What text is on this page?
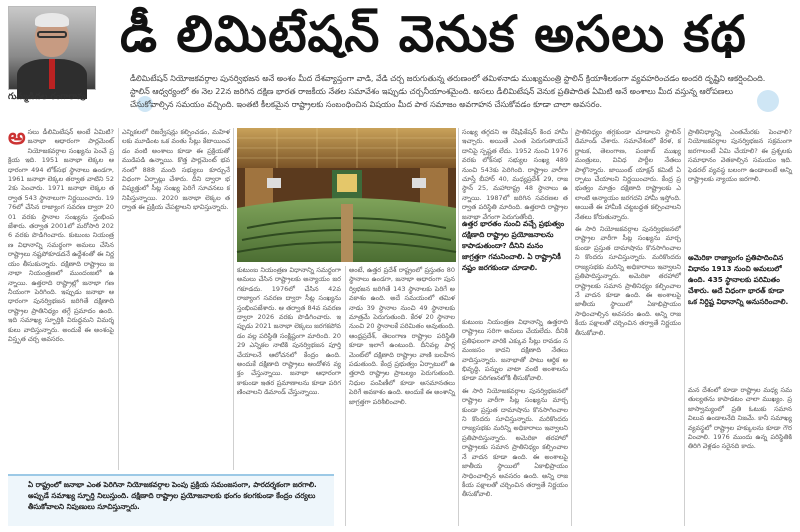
గుమ్మడిదల రంగారావు
డీ లిమిటేషన్ వెనుక అసలు కథ
డీలిమిటేషన్ నియోజకవర్గాల పునర్విభజన అనే అంశం మీద దేశవ్యాప్తంగా వాడి, వేడి చర్చ జరుగుతున్న తరుణంలో తమిళనాడు ముఖ్యమంత్రి స్టాలిన్ క్రియాశీలకంగా వ్యవహరించడం అందరి దృష్టిని ఆకర్షించింది. స్టాలిన్ ఆధ్వర్యంలో ఈ నెల 22న జరిగిన దక్షిణ భారత రాజకీయ నేతల సమావేశం ఇప్పుడు చర్చనీయాంశమైంది. అసలు డీలిమిటేషన్ వెనుక ప్రతిపాదిత ఏమిటి అనే అంశాలు మీద వస్తున్న ఆరోపణలు చేసుకోవాల్సిన సమయం వచ్చింది. ఇంతటి కీలకమైన రాష్ట్రాలకు సంబంధించిన విషయం మీద పాఠ సమాజం అవగాహన చేసుకోవడం కూడా చాలా అవసరం.
అ సలు డీలిమిటేషన్ అంటే ఏమిటి? జనాభా ఆధారంగా పార్లమెంట్ నియోజకవర్గాల సంఖ్యను పెంచే ప్రక్రియ ఇది. 1951 జనాభా లెక్కల ఆధారంగా 494 లోక్‌సభ స్థానాలు ఉండగా, 1961 జనాభా లెక్కల తర్వాత వాటిని 522కు పెంచారు. 1971 జనాభా లెక్కల తర్వాత 543 స్థానాలుగా నిర్ణయించారు. 1976లో చేసిన రాజ్యాంగ సవరణ ద్వారా 2001 వరకు స్థానాల సంఖ్యను స్తంభింపజేశారు. తర్వాత 2001లో మరోసారి 2026 వరకు పొడిగించారు. కుటుంబ నియంత్రణ విధానాన్ని సమర్థంగా అమలు చేసిన రాష్ట్రాలు నష్టపోకూడదనే ఉద్దేశంతో ఈ నిర్ణయం తీసుకున్నారు. దక్షిణాది రాష్ట్రాలు జనాభా నియంత్రణలో ముందంజలో ఉన్నాయి. ఉత్తరాది రాష్ట్రాల్లో జనాభా గణనీయంగా పెరిగింది. ఇప్పుడు జనాభా ఆధారంగా పునర్విభజన జరిగితే దక్షిణాది రాష్ట్రాల ప్రాతినిధ్యం తగ్గే ప్రమాదం ఉంది. ఇది సమాఖ్య స్ఫూర్తికి విరుద్ధమని విమర్శకులు వాదిస్తున్నారు. అందుకే ఈ అంశంపై విస్తృత చర్చ అవసరం.

ఎన్నికలలో రిజర్వేషన్లు కల్పించడం, మహిళలకు మూడింట ఒక వంతు సీట్లు కేటాయించడం వంటి అంశాలు కూడా ఈ ప్రక్రియతో ముడిపడి ఉన్నాయి. కొత్త పార్లమెంట్ భవనంలో 888 మంది సభ్యులు కూర్చునే విధంగా ఏర్పాట్లు చేశారు. దీని ద్వారా భవిష్యత్తులో సీట్ల సంఖ్య పెరిగే సూచనలు కనిపిస్తున్నాయి. 2020 జనాభా లెక్కల తర్వాత ఈ ప్రక్రియ చేపట్టాలని భావిస్తున్నారు.

కుటుంబ నియంత్రణ విధానాన్ని సమర్థంగా అమలు చేసిన రాష్ట్రాలకు అన్యాయం జరగకూడదు. 1976లో చేసిన 42వ రాజ్యాంగ సవరణ ద్వారా సీట్ల సంఖ్యను స్తంభింపజేశారు. ఆ తర్వాత 84వ సవరణ ద్వారా 2026 వరకు పొడిగించారు. ఇప్పుడు 2021 జనాభా లెక్కలు జరగకపోవడం వల్ల పరిస్థితి సంక్లిష్టంగా మారింది. 2029 ఎన్నికల నాటికి పునర్విభజన పూర్తి చేయాలనే ఆలోచనలో కేంద్రం ఉంది. అందుకే దక్షిణాది రాష్ట్రాలు ఆందోళన వ్యక్తం చేస్తున్నాయి. జనాభా ఆధారంగా కాకుండా ఇతర ప్రమాణాలను కూడా పరిగణించాలని డిమాండ్ చేస్తున్నాయి.

ఉత్తర భారతం నుంచి వచ్చే ప్రభుత్వం దక్షిణాది రాష్ట్రాల ప్రయోజనాలను కాపాడుతుందా? దీనిని మనం జాగ్రత్తగా గమనించాలి. ఏ రాష్ట్రానికీ నష్టం జరగకుండా చూడాలి.

అంటే, ఉత్తర ప్రదేశ్ రాష్ట్రంలో ప్రస్తుతం 80 స్థానాలు ఉండగా, జనాభా ఆధారంగా పునర్విభజన జరిగితే 143 స్థానాలకు పెరిగే అవకాశం ఉంది. అదే సమయంలో తమిళనాడు 39 స్థానాల నుంచి 49 స్థానాలకు మాత్రమే పెరుగుతుంది. కేరళ 20 స్థానాల నుంచి 20 స్థానాలకే పరిమితం అవుతుంది. ఆంధ్రప్రదేశ్, తెలంగాణ రాష్ట్రాల పరిస్థితి కూడా ఇలాగే ఉంటుంది. దీనివల్ల పార్లమెంట్‌లో దక్షిణాది రాష్ట్రాల వాణి బలహీనపడుతుంది. కేంద్ర ప్రభుత్వం ఏర్పాటులో ఉత్తరాది రాష్ట్రాల ప్రాబల్యం పెరుగుతుంది. నిధుల పంపిణీలో కూడా అసమానతలు పెరిగే అవకాశం ఉంది. అందుకే ఈ అంశాన్ని జాగ్రత్తగా పరిశీలించాలి.

సంఖ్య తగ్గదని ఆ రేషిఫికేషన్ కింద హామీ ఇచ్చారు. అయితే ఎంత పెరుగుతాయనే దానిపై స్పష్టత లేదు. 1952 నుంచి 1976 వరకు లోక్‌సభ సభ్యుల సంఖ్య 489 నుంచి 543కు పెరిగింది. రాష్ట్రాల వారీగా చూస్తే బీహార్ 40, మధ్యప్రదేశ్ 29, రాజస్థాన్ 25, మహారాష్ట్ర 48 స్థానాలు ఉన్నాయి. 1987లో జరిగిన సవరణల తర్వాత పరిస్థితి మారింది. ఉత్తరాది రాష్ట్రాల జనాభా వేగంగా పెరుగుతోంది.

కుటుంబ నియంత్రణ విధానాన్ని ఉత్తరాది రాష్ట్రాలు సరిగా అమలు చేయలేదు. దీనికి ప్రతిఫలంగా వారికి ఎక్కువ సీట్లు రావడం సమంజసం కాదని దక్షిణాది నేతలు వాదిస్తున్నారు. జనాభాతో పాటు ఆర్థిక అభివృద్ధి, పన్నుల వాటా వంటి అంశాలను కూడా పరిగణనలోకి తీసుకోవాలి.

ఈ సారి నియోజకవర్గాల పునర్విభజనలో రాష్ట్రాల వారీగా సీట్ల సంఖ్యను మార్చకుండా ప్రస్తుత దామాషాను కొనసాగించాలని కొందరు సూచిస్తున్నారు. మరికొందరు రాజ్యసభకు మరిన్ని అధికారాలు ఇవ్వాలని ప్రతిపాదిస్తున్నారు. అమెరికా తరహాలో రాష్ట్రాలకు సమాన ప్రాతినిధ్యం కల్పించాలనే వాదన కూడా ఉంది. ఈ అంశాలపై జాతీయ స్థాయిలో ఏకాభిప్రాయం సాధించాల్సిన అవసరం ఉంది. అన్ని రాజకీయ పక్షాలతో చర్చించిన తర్వాతే నిర్ణయం తీసుకోవాలి.

ప్రాతినిధ్యం తగ్గకుండా చూడాలని స్టాలిన్ డిమాండ్ చేశారు. సమావేశంలో కేరళ, కర్ణాటక, తెలంగాణ, పంజాబ్ ముఖ్యమంత్రులు, వివిధ పార్టీల నేతలు పాల్గొన్నారు. జాయింట్ యాక్షన్ కమిటీ ఏర్పాటు చేయాలని నిర్ణయించారు. కేంద్ర ప్రభుత్వం మాత్రం దక్షిణాది రాష్ట్రాలకు ఎలాంటి అన్యాయం జరగదని హామీ ఇస్తోంది. అయితే ఈ హామీకి చట్టబద్ధత కల్పించాలని నేతలు కోరుతున్నారు.

ఈ సారి నియోజకవర్గాల పునర్విభజనలో రాష్ట్రాల వారీగా సీట్ల సంఖ్యను మార్చకుండా ప్రస్తుత దామాషాను కొనసాగించాలని కొందరు సూచిస్తున్నారు. మరికొందరు రాజ్యసభకు మరిన్ని అధికారాలు ఇవ్వాలని ప్రతిపాదిస్తున్నారు. అమెరికా తరహాలో రాష్ట్రాలకు సమాన ప్రాతినిధ్యం కల్పించాలనే వాదన కూడా ఉంది. ఈ అంశాలపై జాతీయ స్థాయిలో ఏకాభిప్రాయం సాధించాల్సిన అవసరం ఉంది. అన్ని రాజకీయ పక్షాలతో చర్చించిన తర్వాతే నిర్ణయం తీసుకోవాలి.

ప్రాతినిధ్యాన్ని ఎంతమేరకు పెంచాలి? నియోజకవర్గాల పునర్విభజన సక్రమంగా జరగాలంటే ఏమి చేయాలి? ఈ ప్రశ్నలకు సమాధానం వెతకాల్సిన సమయం ఇది. ఫెడరల్ వ్యవస్థ బలంగా ఉండాలంటే అన్ని రాష్ట్రాలకు న్యాయం జరగాలి.

అమెరికా రాజ్యాంగం ప్రతిపాదించిన విధానం 1913 నుంచి అమలులో ఉంది. 435 స్థానాలకు పరిమితం చేశారు. అదే విధంగా భారత్ కూడా ఒక నిర్దిష్ట విధానాన్ని అనుసరించాలి.

మన దేశంలో కూడా రాష్ట్రాల మధ్య సమతుల్యతను కాపాడటం చాలా ముఖ్యం. ప్రజాస్వామ్యంలో ప్రతి ఓటుకు సమాన విలువ ఉండాలనేది నిజమే. కానీ సమాఖ్య వ్యవస్థలో రాష్ట్రాల హక్కులను కూడా గౌరవించాలి. 1976 ముందు ఉన్న పరిస్థితికి తిరిగి వెళ్లడం సరైనది కాదు.

ఏ రాష్ట్రంలో జనాభా ఎంత పెరిగినా నియోజకవర్గాల పెంపు ప్రక్రియ సమంజసంగా, పారదర్శకంగా జరగాలి. అప్పుడే సమాఖ్య స్ఫూర్తి నిలుస్తుంది. దక్షిణాది రాష్ట్రాల ప్రయోజనాలకు భంగం కలగకుండా కేంద్రం చర్యలు తీసుకోవాలని నిపుణులు సూచిస్తున్నారు.
